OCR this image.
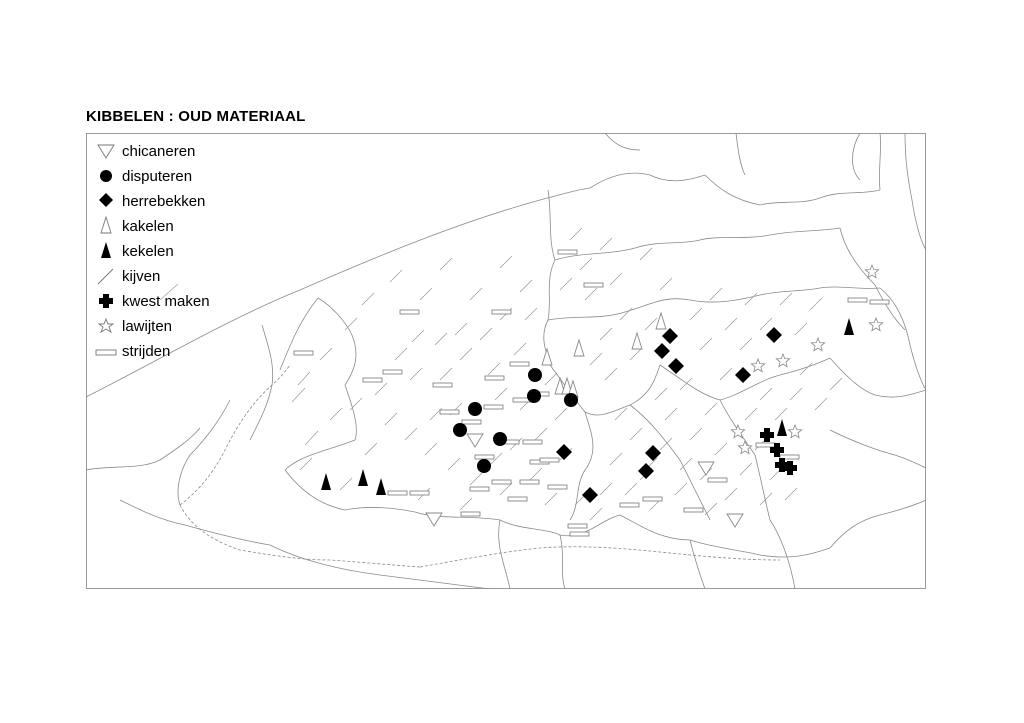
KIBBELEN : OUD MATERIAAL
chicaneren
disputeren
herrebekken
kakelen
kekelen
kijven
kwest maken
lawijten
strijden
